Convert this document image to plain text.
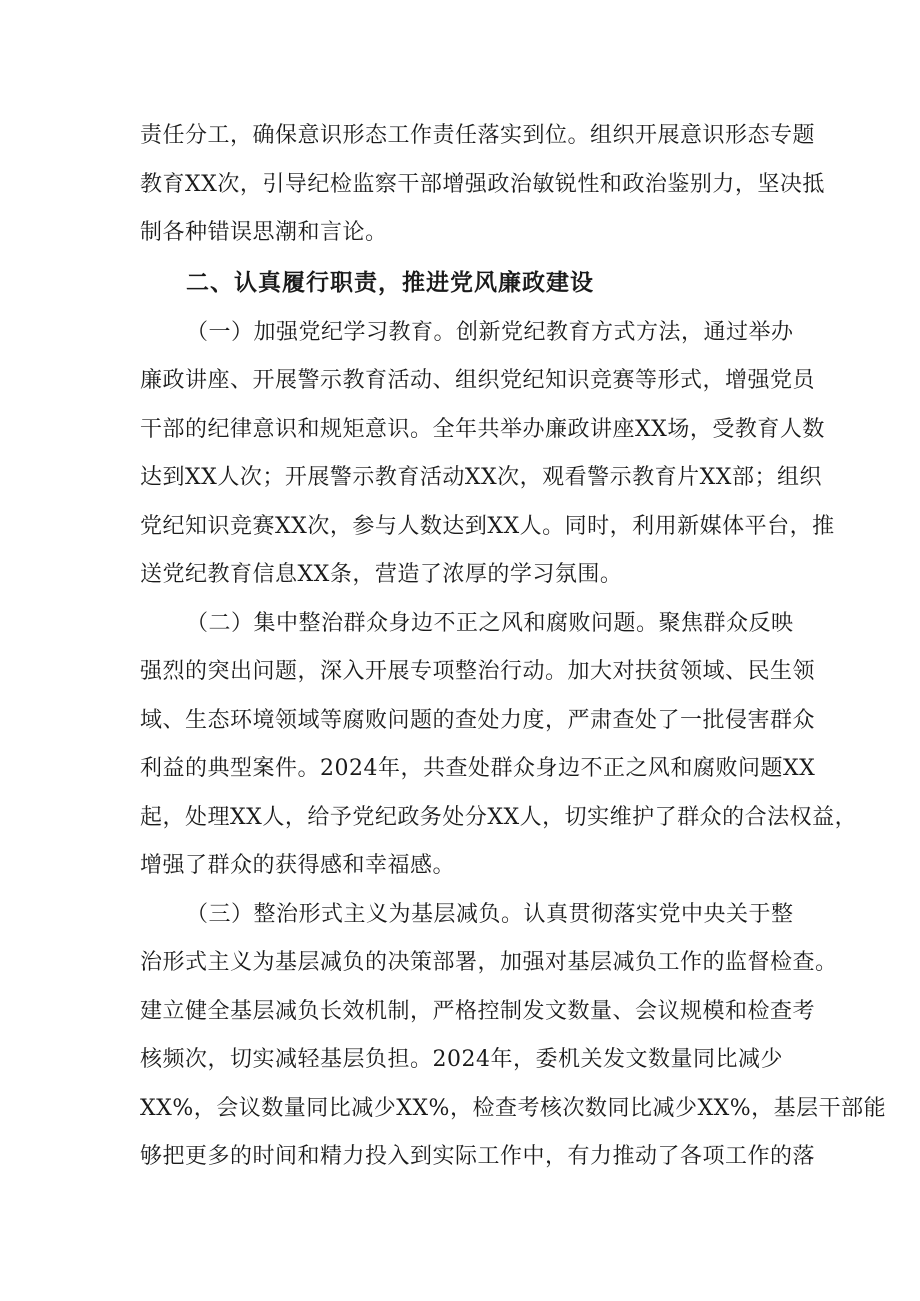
责任分工，确保意识形态工作责任落实到位。组织开展意识形态专题
教育XX次，引导纪检监察干部增强政治敏锐性和政治鉴别力，坚决抵
制各种错误思潮和言论。
二、认真履行职责，推进党风廉政建设
（一）加强党纪学习教育。创新党纪教育方式方法，通过举办
廉政讲座、开展警示教育活动、组织党纪知识竞赛等形式，增强党员
干部的纪律意识和规矩意识。全年共举办廉政讲座XX场，受教育人数
达到XX人次；开展警示教育活动XX次，观看警示教育片XX部；组织
党纪知识竞赛XX次，参与人数达到XX人。同时，利用新媒体平台，推
送党纪教育信息XX条，营造了浓厚的学习氛围。
（二）集中整治群众身边不正之风和腐败问题。聚焦群众反映
强烈的突出问题，深入开展专项整治行动。加大对扶贫领域、民生领
域、生态环境领域等腐败问题的查处力度，严肃查处了一批侵害群众
利益的典型案件。2024年，共查处群众身边不正之风和腐败问题XX
起，处理XX人，给予党纪政务处分XX人，切实维护了群众的合法权益，
增强了群众的获得感和幸福感。
（三）整治形式主义为基层减负。认真贯彻落实党中央关于整
治形式主义为基层减负的决策部署，加强对基层减负工作的监督检查。
建立健全基层减负长效机制，严格控制发文数量、会议规模和检查考
核频次，切实减轻基层负担。2024年，委机关发文数量同比减少
XX%，会议数量同比减少XX%，检查考核次数同比减少XX%，基层干部能
够把更多的时间和精力投入到实际工作中，有力推动了各项工作的落
